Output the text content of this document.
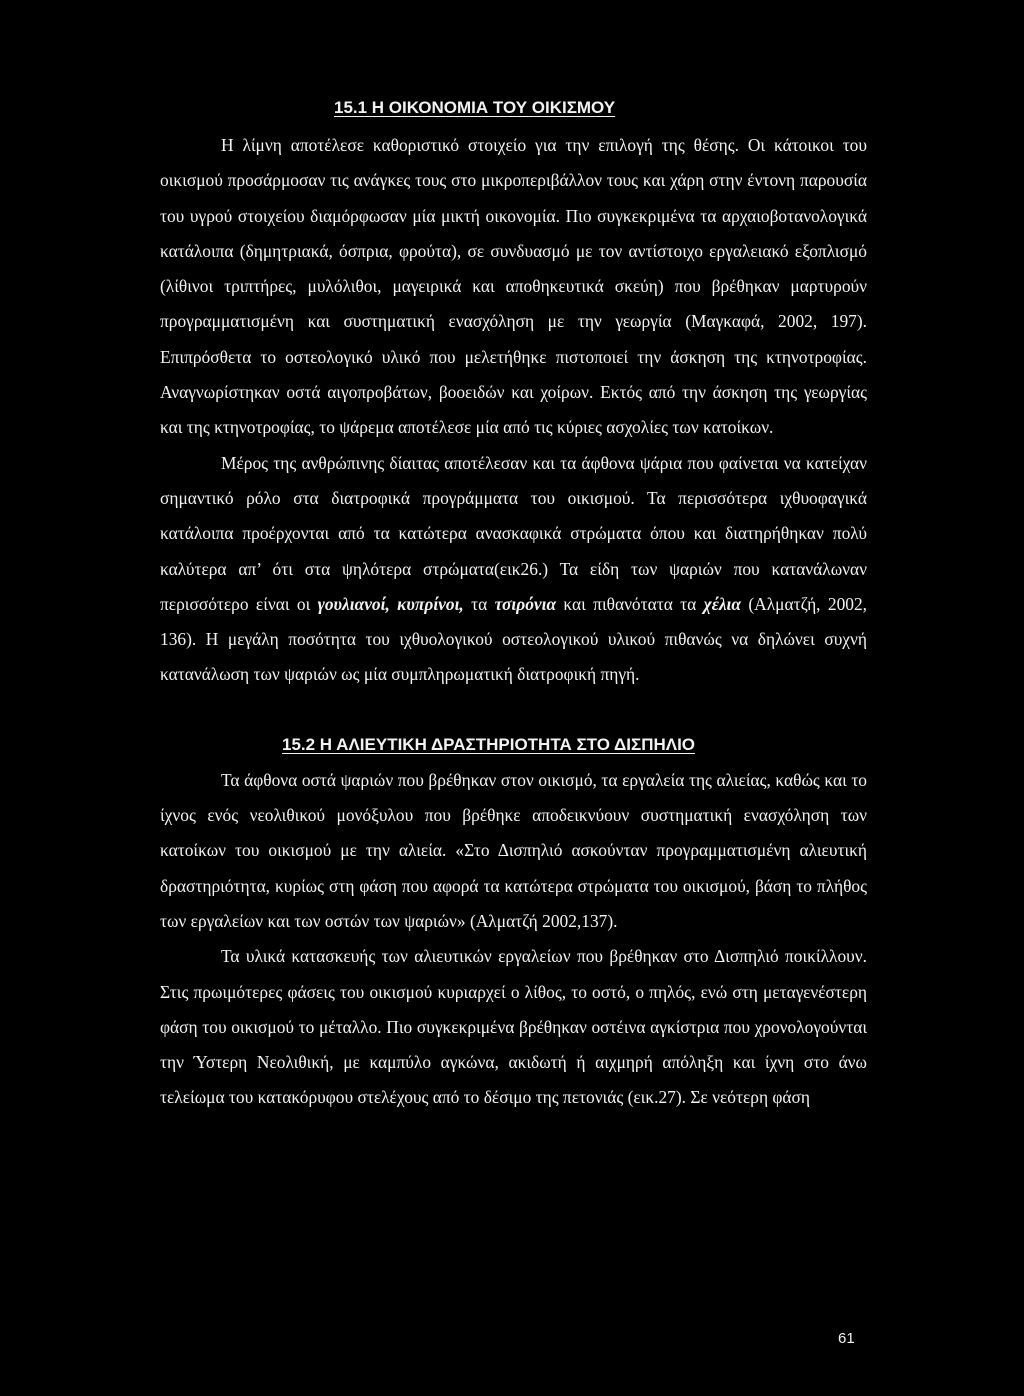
15.1 Η ΟΙΚΟΝΟΜΙΑ ΤΟΥ ΟΙΚΙΣΜΟΥ

Η λίμνη αποτέλεσε καθοριστικό στοιχείο για την επιλογή της θέσης. Οι κάτοικοι του οικισμού προσάρμοσαν τις ανάγκες τους στο μικροπεριβάλλον τους και χάρη στην έντονη παρουσία του υγρού στοιχείου διαμόρφωσαν μία μικτή οικονομία. Πιο συγκεκριμένα τα αρχαιοβοτανολογικά κατάλοιπα (δημητριακά, όσπρια, φρούτα), σε συνδυασμό με τον αντίστοιχο εργαλειακό εξοπλισμό (λίθινοι τριπτήρες, μυλόλιθοι, μαγειρικά και αποθηκευτικά σκεύη) που βρέθηκαν μαρτυρούν προγραμματισμένη και συστηματική ενασχόληση με την γεωργία (Μαγκαφά, 2002, 197). Επιπρόσθετα το οστεολογικό υλικό που μελετήθηκε πιστοποιεί την άσκηση της κτηνοτροφίας. Αναγνωρίστηκαν οστά αιγοπροβάτων, βοοειδών και χοίρων. Εκτός από την άσκηση της γεωργίας και της κτηνοτροφίας, το ψάρεμα αποτέλεσε μία από τις κύριες ασχολίες των κατοίκων.

Μέρος της ανθρώπινης δίαιτας αποτέλεσαν και τα άφθονα ψάρια που φαίνεται να κατείχαν σημαντικό ρόλο στα διατροφικά προγράμματα του οικισμού. Τα περισσότερα ιχθυοφαγικά κατάλοιπα προέρχονται από τα κατώτερα ανασκαφικά στρώματα όπου και διατηρήθηκαν πολύ καλύτερα απ’ ότι στα ψηλότερα στρώματα(εικ26.) Τα είδη των ψαριών που κατανάλωναν περισσότερο είναι οι γουλιανοί, κυπρίνοι, τα τσιρόνια και πιθανότατα τα χέλια (Αλματζή, 2002, 136). Η μεγάλη ποσότητα του ιχθυολογικού οστεολογικού υλικού πιθανώς να δηλώνει συχνή κατανάλωση των ψαριών ως μία συμπληρωματική διατροφική πηγή.

15.2 Η ΑΛΙΕΥΤΙΚΗ ΔΡΑΣΤΗΡΙΟΤΗΤΑ ΣΤΟ ΔΙΣΠΗΛΙΟ

Τα άφθονα οστά ψαριών που βρέθηκαν στον οικισμό, τα εργαλεία της αλιείας, καθώς και το ίχνος ενός νεολιθικού μονόξυλου που βρέθηκε αποδεικνύουν συστηματική ενασχόληση των κατοίκων του οικισμού με την αλιεία. «Στο Δισπηλιό ασκούνταν προγραμματισμένη αλιευτική δραστηριότητα, κυρίως στη φάση που αφορά τα κατώτερα στρώματα του οικισμού, βάση το πλήθος των εργαλείων και των οστών των ψαριών» (Αλματζή 2002,137).

Τα υλικά κατασκευής των αλιευτικών εργαλείων που βρέθηκαν στο Δισπηλιό ποικίλλουν. Στις πρωιμότερες φάσεις του οικισμού κυριαρχεί ο λίθος, το οστό, ο πηλός, ενώ στη μεταγενέστερη φάση του οικισμού το μέταλλο. Πιο συγκεκριμένα βρέθηκαν οστέινα αγκίστρια που χρονολογούνται την Ύστερη Νεολιθική, με καμπύλο αγκώνα, ακιδωτή ή αιχμηρή απόληξη και ίχνη στο άνω τελείωμα του κατακόρυφου στελέχους από το δέσιμο της πετονιάς (εικ.27). Σε νεότερη φάση

61
